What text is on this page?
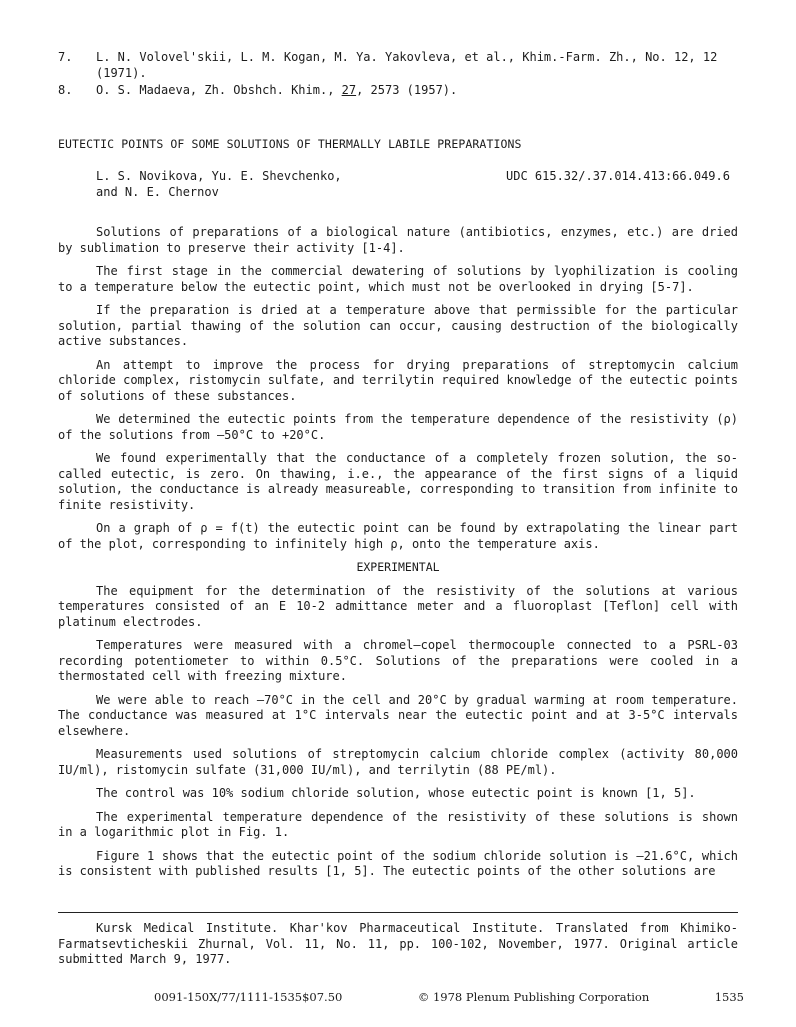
7.	L. N. Volovel'skii, L. M. Kogan, M. Ya. Yakovleva, et al., Khim.-Farm. Zh., No. 12, 12 (1971).
8.	O. S. Madaeva, Zh. Obshch. Khim., 27, 2573 (1957).
EUTECTIC POINTS OF SOME SOLUTIONS OF THERMALLY LABILE PREPARATIONS
L. S. Novikova, Yu. E. Shevchenko,
and N. E. Chernov
UDC 615.32/.37.014.413:66.049.6

Solutions of preparations of a biological nature (antibiotics, enzymes, etc.) are dried by sublimation to preserve their activity [1-4].

The first stage in the commercial dewatering of solutions by lyophilization is cooling to a temperature below the eutectic point, which must not be overlooked in drying [5-7].

If the preparation is dried at a temperature above that permissible for the particular solution, partial thawing of the solution can occur, causing destruction of the biologically active substances.

An attempt to improve the process for drying preparations of streptomycin calcium chloride complex, ristomycin sulfate, and terrilytin required knowledge of the eutectic points of solutions of these substances.

We determined the eutectic points from the temperature dependence of the resistivity (ρ) of the solutions from —50°C to +20°C.

We found experimentally that the conductance of a completely frozen solution, the so-called eutectic, is zero. On thawing, i.e., the appearance of the first signs of a liquid solution, the conductance is already measureable, corresponding to transition from infinite to finite resistivity.

On a graph of ρ = f(t) the eutectic point can be found by extrapolating the linear part of the plot, corresponding to infinitely high ρ, onto the temperature axis.

EXPERIMENTAL

The equipment for the determination of the resistivity of the solutions at various temperatures consisted of an E 10-2 admittance meter and a fluoroplast [Teflon] cell with platinum electrodes.

Temperatures were measured with a chromel—copel thermocouple connected to a PSRL-03 recording potentiometer to within 0.5°C. Solutions of the preparations were cooled in a thermostated cell with freezing mixture.

We were able to reach —70°C in the cell and 20°C by gradual warming at room temperature. The conductance was measured at 1°C intervals near the eutectic point and at 3-5°C intervals elsewhere.

Measurements used solutions of streptomycin calcium chloride complex (activity 80,000 IU/ml), ristomycin sulfate (31,000 IU/ml), and terrilytin (88 PE/ml).

The control was 10% sodium chloride solution, whose eutectic point is known [1, 5].

The experimental temperature dependence of the resistivity of these solutions is shown in a logarithmic plot in Fig. 1.

Figure 1 shows that the eutectic point of the sodium chloride solution is —21.6°C, which is consistent with published results [1, 5]. The eutectic points of the other solutions are

Kursk Medical Institute. Khar'kov Pharmaceutical Institute. Translated from Khimiko-Farmatsevticheskii Zhurnal, Vol. 11, No. 11, pp. 100-102, November, 1977. Original article submitted March 9, 1977.
0091-150X/77/1111-1535$07.50	© 1978 Plenum Publishing Corporation	1535
